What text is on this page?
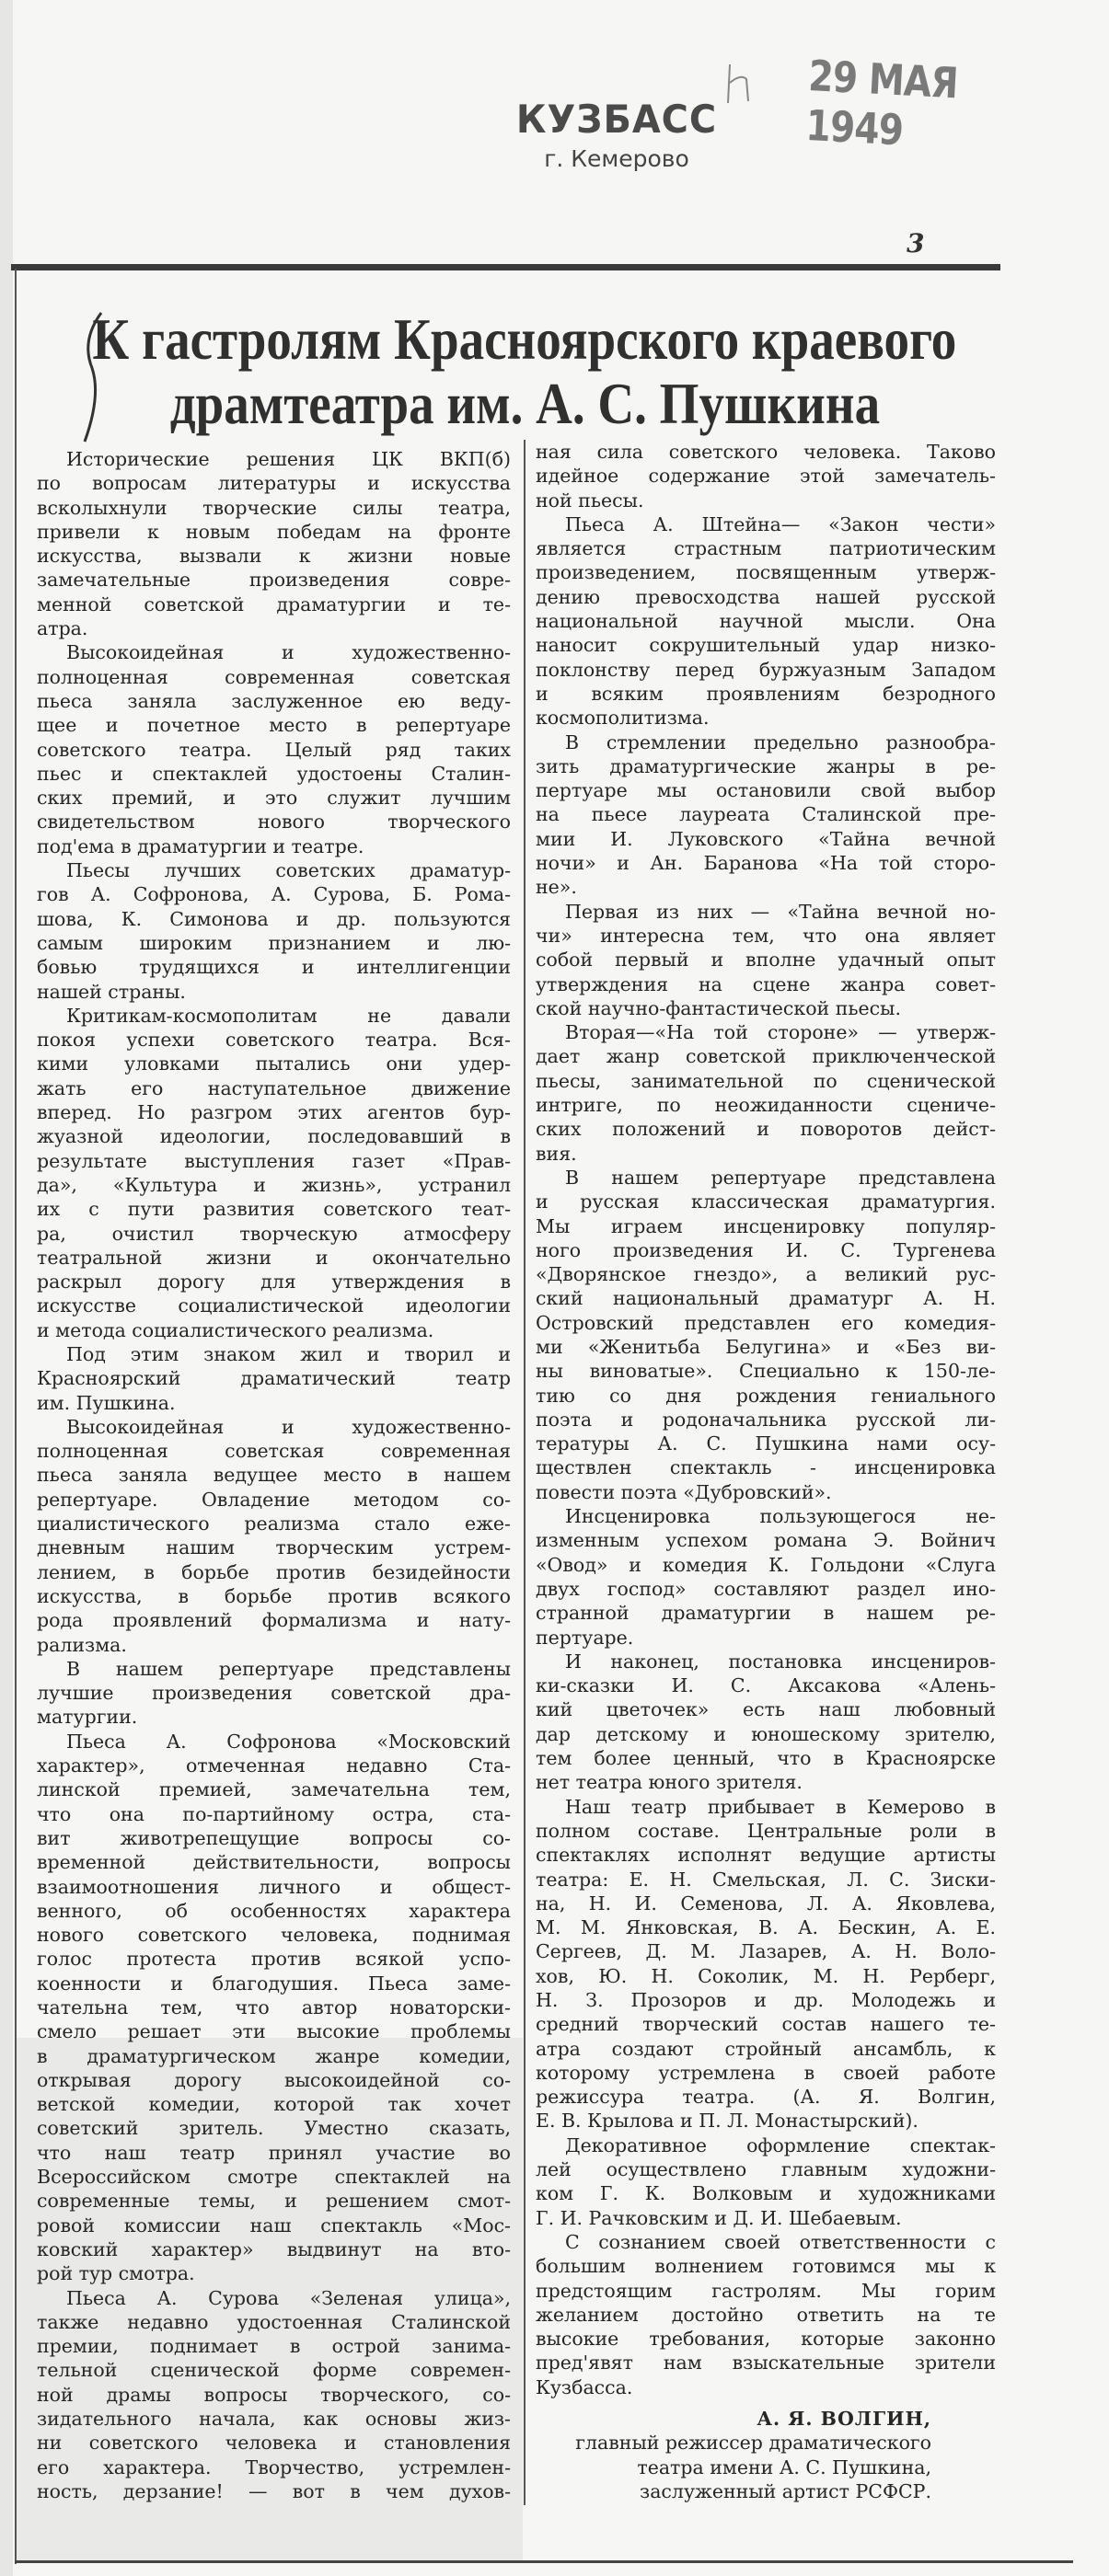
КУЗБАСС
г. Кемерово
29 МАЯ 1949
3
К гастролям Красноярского краевого
драмтеатра им. А. С. Пушкина
Исторические решения ЦК ВКП(б)
по вопросам литературы и искусства
всколыхнули творческие силы театра,
привели к новым победам на фронте
искусства, вызвали к жизни новые
замечательные произведения совре-
менной советской драматургии и те-
атра.
Высокоидейная и художественно-
полноценная современная советская
пьеса заняла заслуженное ею веду-
щее и почетное место в репертуаре
советского театра. Целый ряд таких
пьес и спектаклей удостоены Сталин-
ских премий, и это служит лучшим
свидетельством нового творческого
под'ема в драматургии и театре.
Пьесы лучших советских драматур-
гов А. Софронова, А. Сурова, Б. Рома-
шова, К. Симонова и др. пользуются
самым широким признанием и лю-
бовью трудящихся и интеллигенции
нашей страны.
Критикам-космополитам не давали
покоя успехи советского театра. Вся-
кими уловками пытались они удер-
жать его наступательное движение
вперед. Но разгром этих агентов бур-
жуазной идеологии, последовавший в
результате выступления газет «Прав-
да», «Культура и жизнь», устранил
их с пути развития советского теат-
ра, очистил творческую атмосферу
театральной жизни и окончательно
раскрыл дорогу для утверждения в
искусстве социалистической идеологии
и метода социалистического реализма.
Под этим знаком жил и творил и
Красноярский драматический театр
им. Пушкина.
Высокоидейная и художественно-
полноценная советская современная
пьеса заняла ведущее место в нашем
репертуаре. Овладение методом со-
циалистического реализма стало еже-
дневным нашим творческим устрем-
лением, в борьбе против безидейности
искусства, в борьбе против всякого
рода проявлений формализма и нату-
рализма.
В нашем репертуаре представлены
лучшие произведения советской дра-
матургии.
Пьеса А. Софронова «Московский
характер», отмеченная недавно Ста-
линской премией, замечательна тем,
что она по-партийному остра, ста-
вит животрепещущие вопросы со-
временной действительности, вопросы
взаимоотношения личного и общест-
венного, об особенностях характера
нового советского человека, поднимая
голос протеста против всякой успо-
коенности и благодушия. Пьеса заме-
чательна тем, что автор новаторски-
смело решает эти высокие проблемы
в драматургическом жанре комедии,
открывая дорогу высокоидейной со-
ветской комедии, которой так хочет
советский зритель. Уместно сказать,
что наш театр принял участие во
Всероссийском смотре спектаклей на
современные темы, и решением смот-
ровой комиссии наш спектакль «Мос-
ковский характер» выдвинут на вто-
рой тур смотра.
Пьеса А. Сурова «Зеленая улица»,
также недавно удостоенная Сталинской
премии, поднимает в острой занима-
тельной сценической форме современ-
ной драмы вопросы творческого, со-
зидательного начала, как основы жиз-
ни советского человека и становления
его характера. Творчество, устремлен-
ность, дерзание! — вот в чем духов-
ная сила советского человека. Таково
идейное содержание этой замечатель-
ной пьесы.
Пьеса А. Штейна— «Закон чести»
является страстным патриотическим
произведением, посвященным утверж-
дению превосходства нашей русской
национальной научной мысли. Она
наносит сокрушительный удар низко-
поклонству перед буржуазным Западом
и всяким проявлениям безродного
космополитизма.
В стремлении предельно разнообра-
зить драматургические жанры в ре-
пертуаре мы остановили свой выбор
на пьесе лауреата Сталинской пре-
мии И. Луковского «Тайна вечной
ночи» и Ан. Баранова «На той сторо-
не».
Первая из них — «Тайна вечной но-
чи» интересна тем, что она являет
собой первый и вполне удачный опыт
утверждения на сцене жанра совет-
ской научно-фантастической пьесы.
Вторая—«На той стороне» — утверж-
дает жанр советской приключенческой
пьесы, занимательной по сценической
интриге, по неожиданности сцениче-
ских положений и поворотов дейст-
вия.
В нашем репертуаре представлена
и русская классическая драматургия.
Мы играем инсценировку популяр-
ного произведения И. С. Тургенева
«Дворянское гнездо», а великий рус-
ский национальный драматург А. Н.
Островский представлен его комедия-
ми «Женитьба Белугина» и «Без ви-
ны виноватые». Специально к 150-ле-
тию со дня рождения гениального
поэта и родоначальника русской ли-
тературы А. С. Пушкина нами осу-
ществлен спектакль - инсценировка
повести поэта «Дубровский».
Инсценировка пользующегося не-
изменным успехом романа Э. Войнич
«Овод» и комедия К. Гольдони «Слуга
двух господ» составляют раздел ино-
странной драматургии в нашем ре-
пертуаре.
И наконец, постановка инсцениров-
ки-сказки И. С. Аксакова «Алень-
кий цветочек» есть наш любовный
дар детскому и юношескому зрителю,
тем более ценный, что в Красноярске
нет театра юного зрителя.
Наш театр прибывает в Кемерово в
полном составе. Центральные роли в
спектаклях исполнят ведущие артисты
театра: Е. Н. Смельская, Л. С. Зиски-
на, Н. И. Семенова, Л. А. Яковлева,
М. М. Янковская, В. А. Бескин, А. Е.
Сергеев, Д. М. Лазарев, А. Н. Воло-
хов, Ю. Н. Соколик, М. Н. Рерберг,
Н. З. Прозоров и др. Молодежь и
средний творческий состав нашего те-
атра создают стройный ансамбль, к
которому устремлена в своей работе
режиссура театра. (А. Я. Волгин,
Е. В. Крылова и П. Л. Монастырский).
Декоративное оформление спектак-
лей осуществлено главным художни-
ком Г. К. Волковым и художниками
Г. И. Рачковским и Д. И. Шебаевым.
С сознанием своей ответственности с
большим волнением готовимся мы к
предстоящим гастролям. Мы горим
желанием достойно ответить на те
высокие требования, которые законно
пред'явят нам взыскательные зрители
Кузбасса.
А. Я. ВОЛГИН,
главный режиссер драматического
театра имени А. С. Пушкина,
заслуженный артист РСФСР.
